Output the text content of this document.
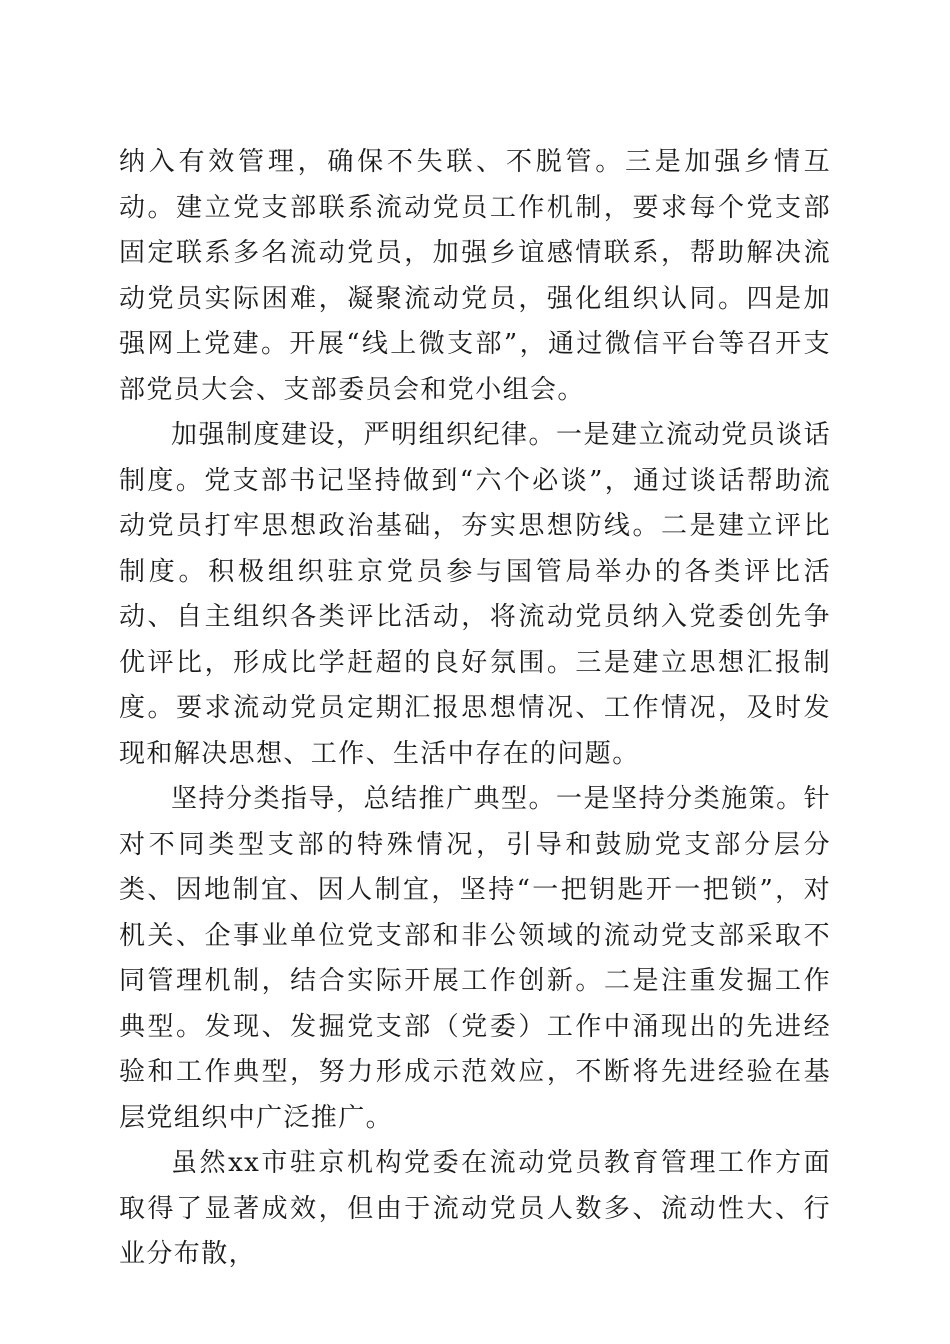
纳入有效管理，确保不失联、不脱管。三是加强乡情互动。建立党支部联系流动党员工作机制，要求每个党支部固定联系多名流动党员，加强乡谊感情联系，帮助解决流动党员实际困难，凝聚流动党员，强化组织认同。四是加强网上党建。开展“线上微支部”，通过微信平台等召开支部党员大会、支部委员会和党小组会。

加强制度建设，严明组织纪律。一是建立流动党员谈话制度。党支部书记坚持做到“六个必谈”，通过谈话帮助流动党员打牢思想政治基础，夯实思想防线。二是建立评比制度。积极组织驻京党员参与国管局举办的各类评比活动、自主组织各类评比活动，将流动党员纳入党委创先争优评比，形成比学赶超的良好氛围。三是建立思想汇报制度。要求流动党员定期汇报思想情况、工作情况，及时发现和解决思想、工作、生活中存在的问题。

坚持分类指导，总结推广典型。一是坚持分类施策。针对不同类型支部的特殊情况，引导和鼓励党支部分层分类、因地制宜、因人制宜，坚持“一把钥匙开一把锁”，对机关、企事业单位党支部和非公领域的流动党支部采取不同管理机制，结合实际开展工作创新。二是注重发掘工作典型。发现、发掘党支部（党委）工作中涌现出的先进经验和工作典型，努力形成示范效应，不断将先进经验在基层党组织中广泛推广。

虽然xx市驻京机构党委在流动党员教育管理工作方面取得了显著成效，但由于流动党员人数多、流动性大、行业分布散，
